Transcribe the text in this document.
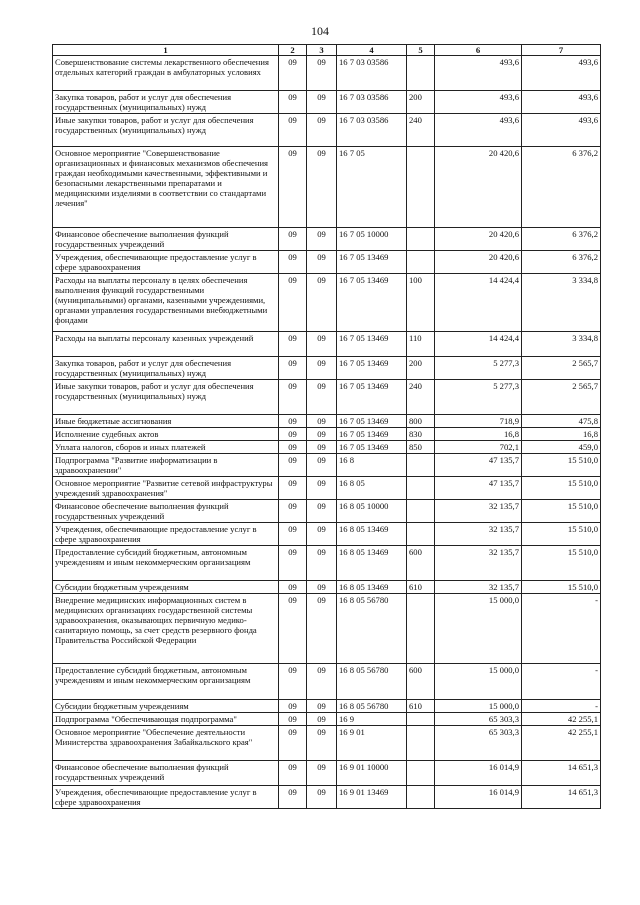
104
1	2	3	4	5	6	7
Совершенствование системы лекарственного обеспечения отдельных категорий граждан в амбулаторных условиях	09	09	16 7 03 03586		493,6	493,6
Закупка товаров, работ и услуг для обеспечения государственных (муниципальных) нужд	09	09	16 7 03 03586	200	493,6	493,6
Иные закупки товаров, работ и услуг для обеспечения государственных (муниципальных) нужд	09	09	16 7 03 03586	240	493,6	493,6
Основное мероприятие "Совершенствование организационных и финансовых механизмов обеспечения граждан необходимыми качественными, эффективными и безопасными лекарственными препаратами и медицинскими изделиями в соответствии со стандартами лечения"	09	09	16 7 05		20 420,6	6 376,2
Финансовое обеспечение выполнения функций государственных учреждений	09	09	16 7 05 10000		20 420,6	6 376,2
Учреждения, обеспечивающие предоставление услуг в сфере здравоохранения	09	09	16 7 05 13469		20 420,6	6 376,2
Расходы на выплаты персоналу в целях обеспечения выполнения функций государственными (муниципальными) органами, казенными учреждениями, органами управления государственными внебюджетными фондами	09	09	16 7 05 13469	100	14 424,4	3 334,8
Расходы на выплаты персоналу казенных учреждений	09	09	16 7 05 13469	110	14 424,4	3 334,8
Закупка товаров, работ и услуг для обеспечения государственных (муниципальных) нужд	09	09	16 7 05 13469	200	5 277,3	2 565,7
Иные закупки товаров, работ и услуг для обеспечения государственных (муниципальных) нужд	09	09	16 7 05 13469	240	5 277,3	2 565,7
Иные бюджетные ассигнования	09	09	16 7 05 13469	800	718,9	475,8
Исполнение судебных актов	09	09	16 7 05 13469	830	16,8	16,8
Уплата налогов, сборов и иных платежей	09	09	16 7 05 13469	850	702,1	459,0
Подпрограмма "Развитие информатизации в здравоохранении"	09	09	16 8		47 135,7	15 510,0
Основное мероприятие "Развитие сетевой инфраструктуры учреждений здравоохранения"	09	09	16 8 05		47 135,7	15 510,0
Финансовое обеспечение выполнения функций государственных учреждений	09	09	16 8 05 10000		32 135,7	15 510,0
Учреждения, обеспечивающие предоставление услуг в сфере здравоохранения	09	09	16 8 05 13469		32 135,7	15 510,0
Предоставление субсидий бюджетным, автономным учреждениям и иным некоммерческим организациям	09	09	16 8 05 13469	600	32 135,7	15 510,0
Субсидии бюджетным учреждениям	09	09	16 8 05 13469	610	32 135,7	15 510,0
Внедрение медицинских информационных систем в медицинских организациях государственной системы здравоохранения, оказывающих первичную медико-санитарную помощь, за счет средств резервного фонда Правительства Российской Федерации	09	09	16 8 05 56780		15 000,0	-
Предоставление субсидий бюджетным, автономным учреждениям и иным некоммерческим организациям	09	09	16 8 05 56780	600	15 000,0	-
Субсидии бюджетным учреждениям	09	09	16 8 05 56780	610	15 000,0	-
Подпрограмма "Обеспечивающая подпрограмма"	09	09	16 9		65 303,3	42 255,1
Основное мероприятие "Обеспечение деятельности Министерства здравоохранения Забайкальского края"	09	09	16 9 01		65 303,3	42 255,1
Финансовое обеспечение выполнения функций государственных учреждений	09	09	16 9 01 10000		16 014,9	14 651,3
Учреждения, обеспечивающие предоставление услуг в сфере здравоохранения	09	09	16 9 01 13469		16 014,9	14 651,3
